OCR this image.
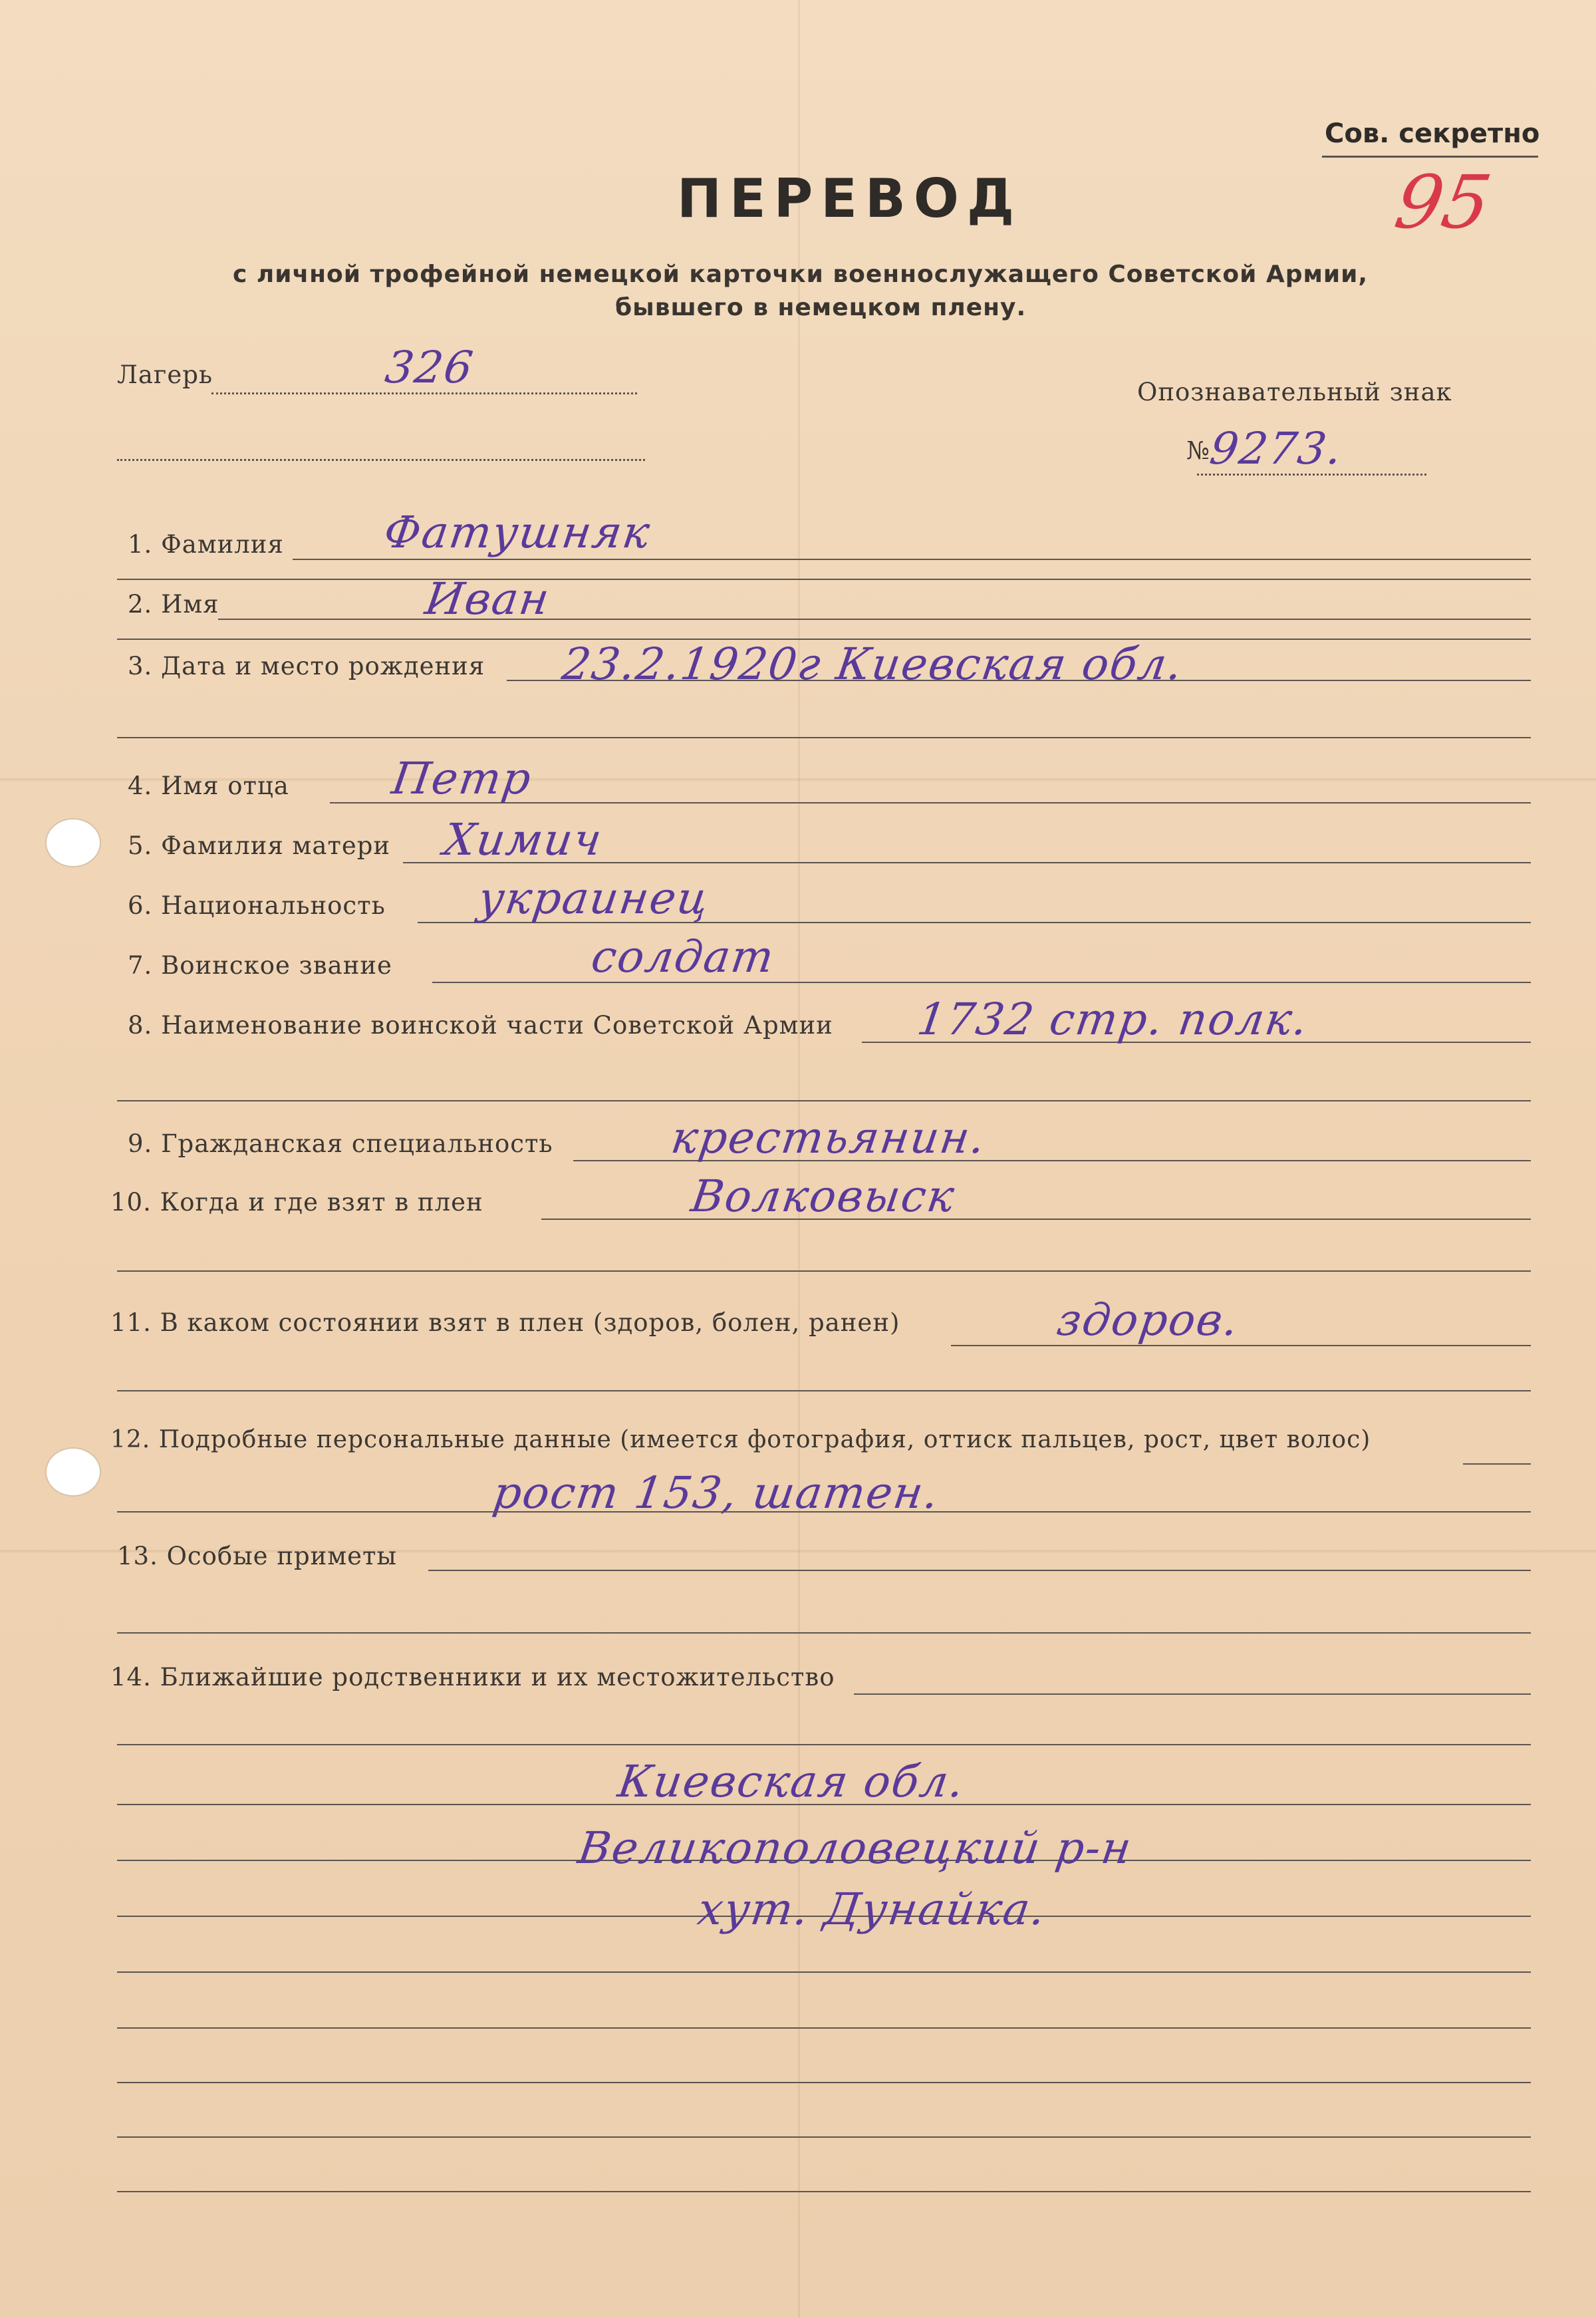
Сов. секретно
95
ПЕРЕВОД
с личной трофейной немецкой карточки военнослужащего Советской Армии,
бывшего в немецком плену.
Лагерь	326	Опознавательный знак
№
9273.
1. Фамилия Фатушняк
2. Имя	Иван
3. Дата и место рождения 23.2.1920г Киевская обл.
4. Имя отца Петр
5. Фамилия матери Химич
6. Национальность украинец
7. Воинское звание	солдат
8. Наименование воинской части Советской Армии 1732 стр. полк.
9. Гражданская специальность	крестьянин.
10. Когда и где взят в плен	Волковыск
11. В каком состоянии взят в плен (здоров, болен, ранен)	здоров.
12. Подробные персональные данные (имеется фотография, оттиск пальцев, рост, цвет волос)
рост 153, шатен.
13. Особые приметы
14. Ближайшие родственники и их местожительство
Киевская обл.
Великополовецкий р-н
хут. Дунайка.
